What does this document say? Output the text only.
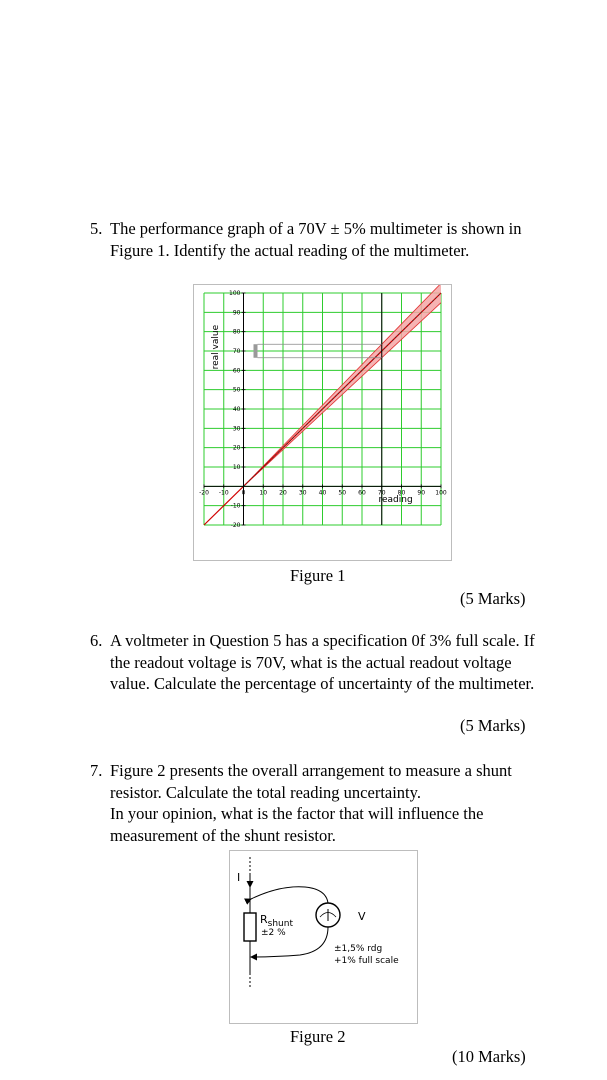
5. The performance graph of a 70V ± 5% multimeter is shown in Figure 1. Identify the actual reading of the multimeter.
-20 -10 0 10 20 30 40 50 60 70 80 90 100
-20
-10
10
20
30
40
50
60
70
80
90
100
reading
real value
Figure 1
(5 Marks)
6. A voltmeter in Question 5 has a specification 0f 3% full scale. If the readout voltage is 70V, what is the actual readout voltage value. Calculate the percentage of uncertainty of the multimeter.
(5 Marks)
7. Figure 2 presents the overall arrangement to measure a shunt resistor. Calculate the total reading uncertainty.
In your opinion, what is the factor that will influence the measurement of the shunt resistor.
I
V
$R_{shunt}$
±2 %
±1,5% rdg
+1% full scale
Figure 2
(10 Marks)
